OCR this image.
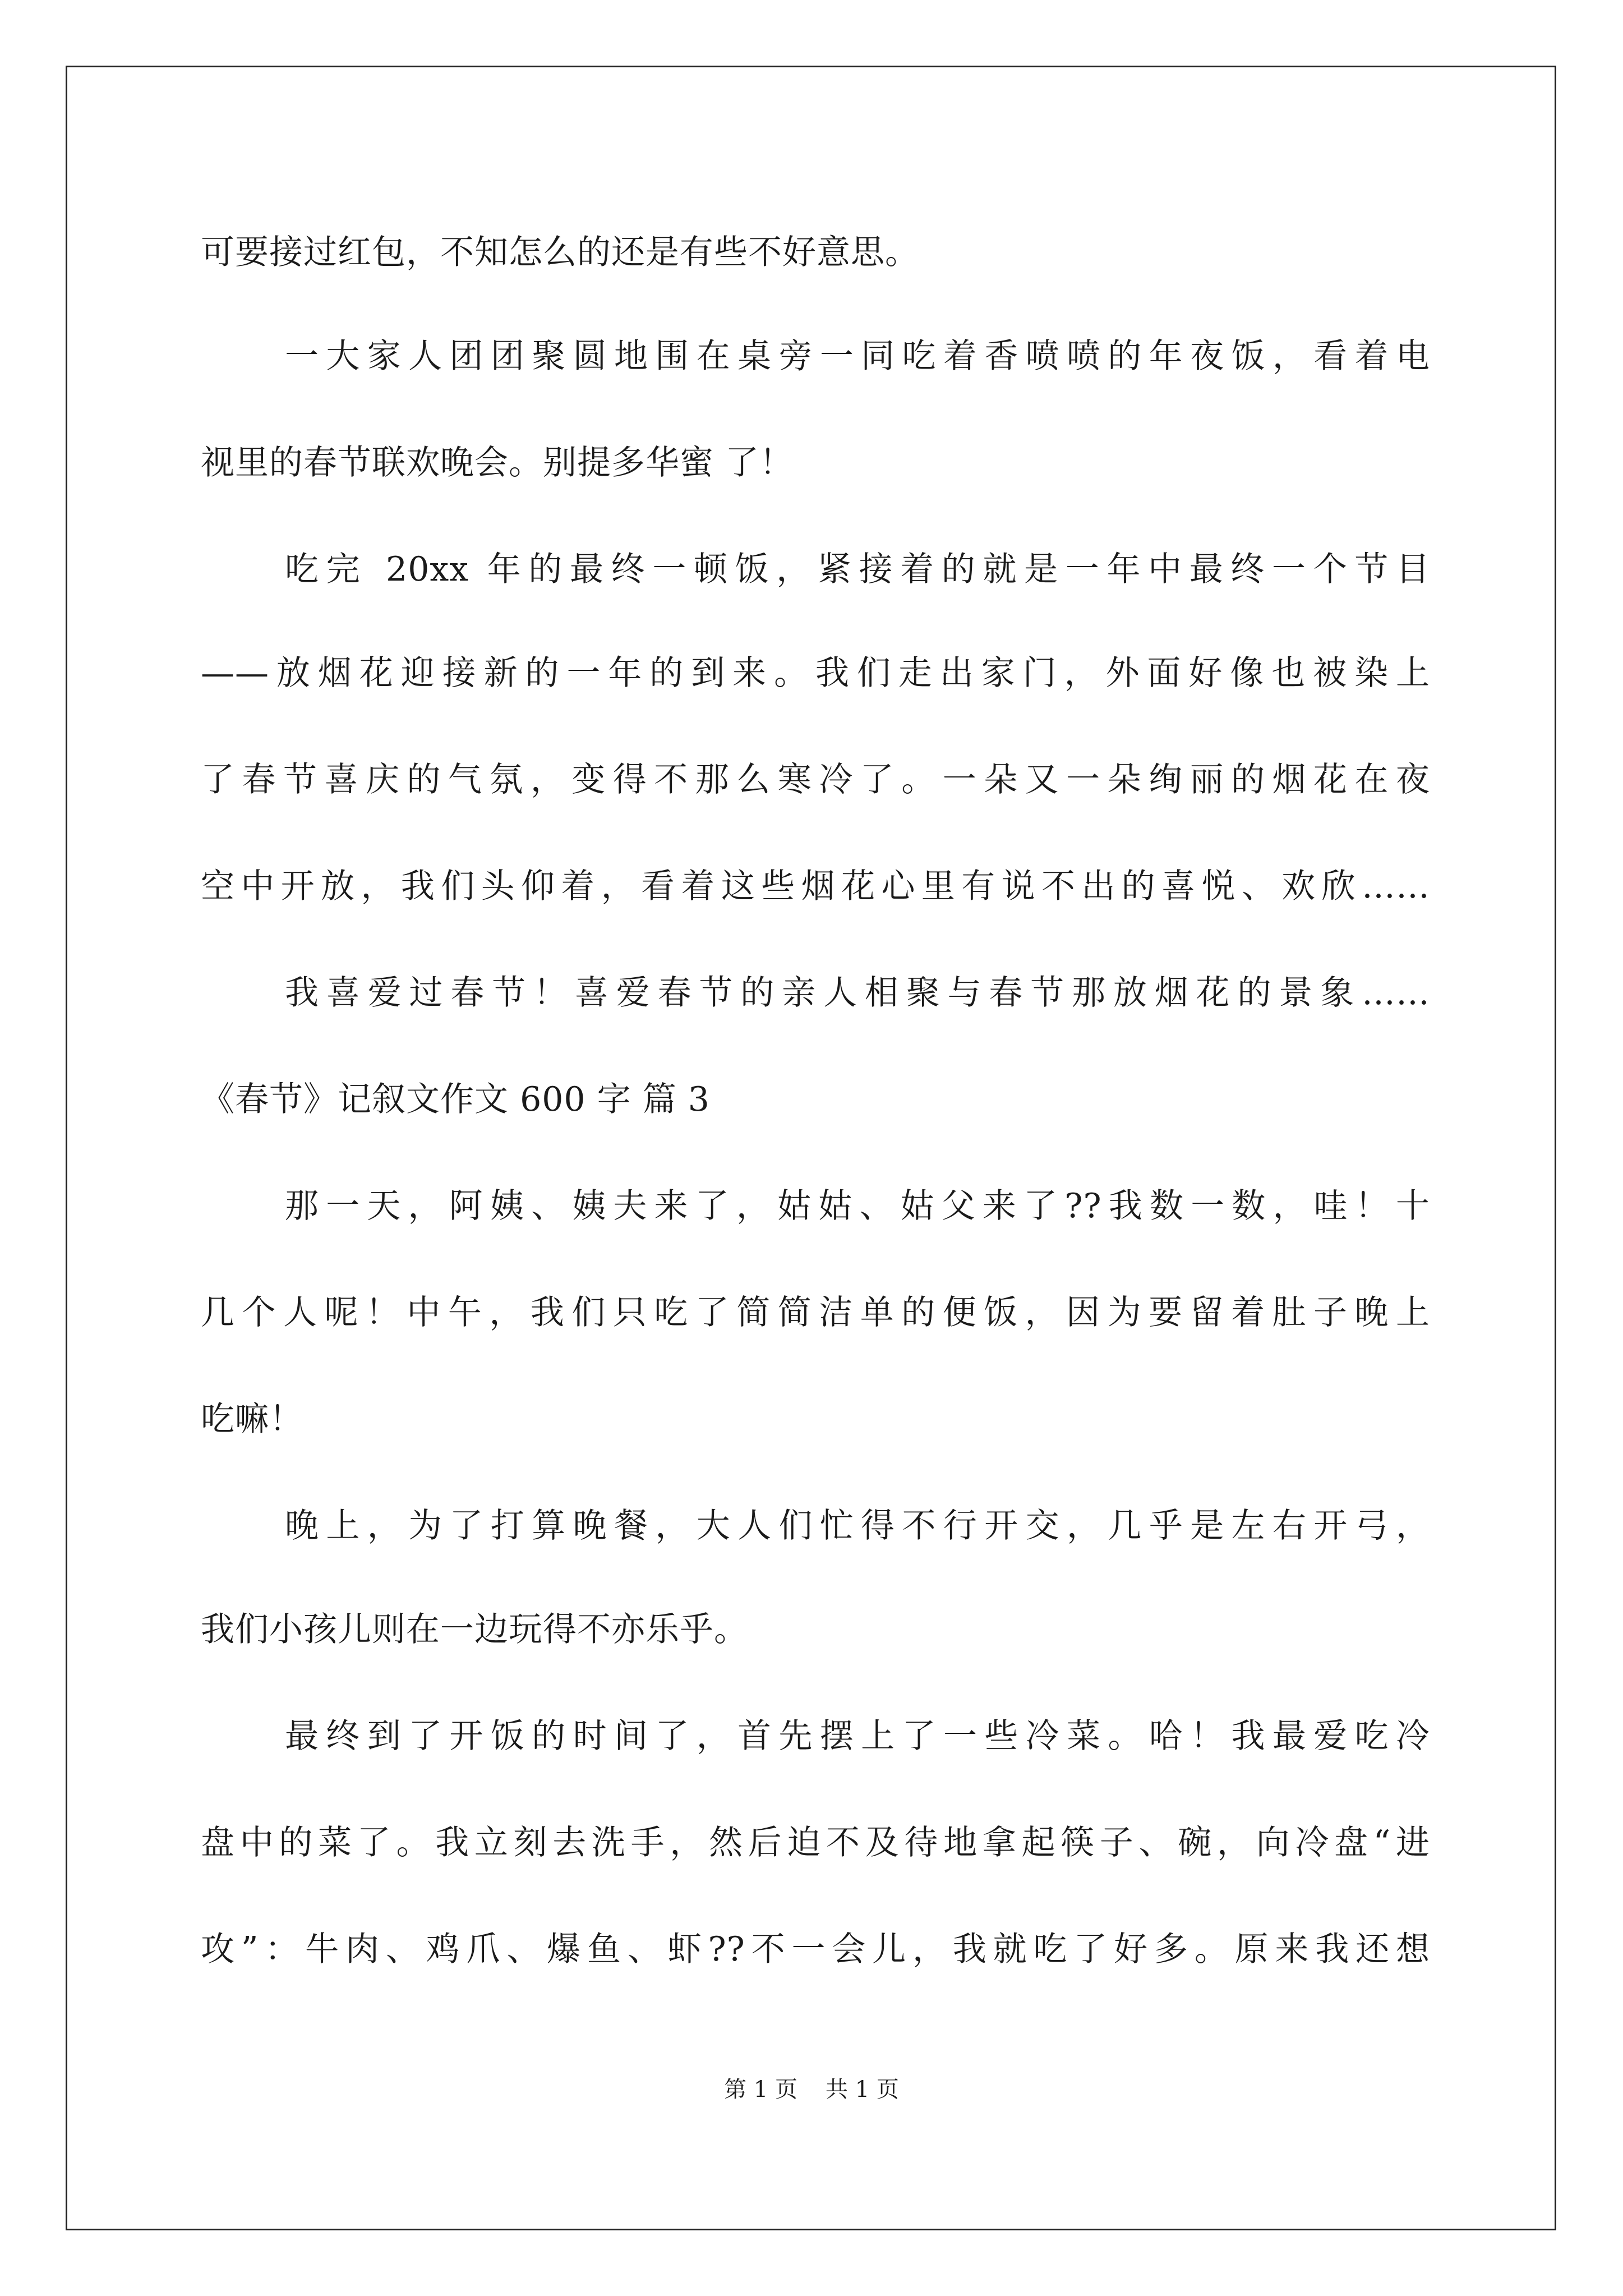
可要接过红包，不知怎么的还是有些不好意思。
一大家人团团聚圆地围在桌旁一同吃着香喷喷的年夜饭，看着电
视里的春节联欢晚会。别提多华蜜 了！
吃完 20xx 年的最终一顿饭，紧接着的就是一年中最终一个节目
——放烟花迎接新的一年的到来。我们走出家门，外面好像也被染上
了春节喜庆的气氛，变得不那么寒冷了。一朵又一朵绚丽的烟花在夜
空中开放，我们头仰着，看着这些烟花心里有说不出的喜悦、欢欣……
我喜爱过春节！喜爱春节的亲人相聚与春节那放烟花的景象……
《春节》记叙文作文 600 字 篇 3
那一天，阿姨、姨夫来了，姑姑、姑父来了??我数一数，哇！十
几个人呢！中午，我们只吃了简简洁单的便饭，因为要留着肚子晚上
吃嘛！
晚上，为了打算晚餐，大人们忙得不行开交，几乎是左右开弓，
我们小孩儿则在一边玩得不亦乐乎。
最终到了开饭的时间了，首先摆上了一些冷菜。哈！我最爱吃冷
盘中的菜了。我立刻去洗手，然后迫不及待地拿起筷子、碗，向冷盘“进
攻”：牛肉、鸡爪、爆鱼、虾??不一会儿，我就吃了好多。原来我还想
第 1 页 共 1 页
